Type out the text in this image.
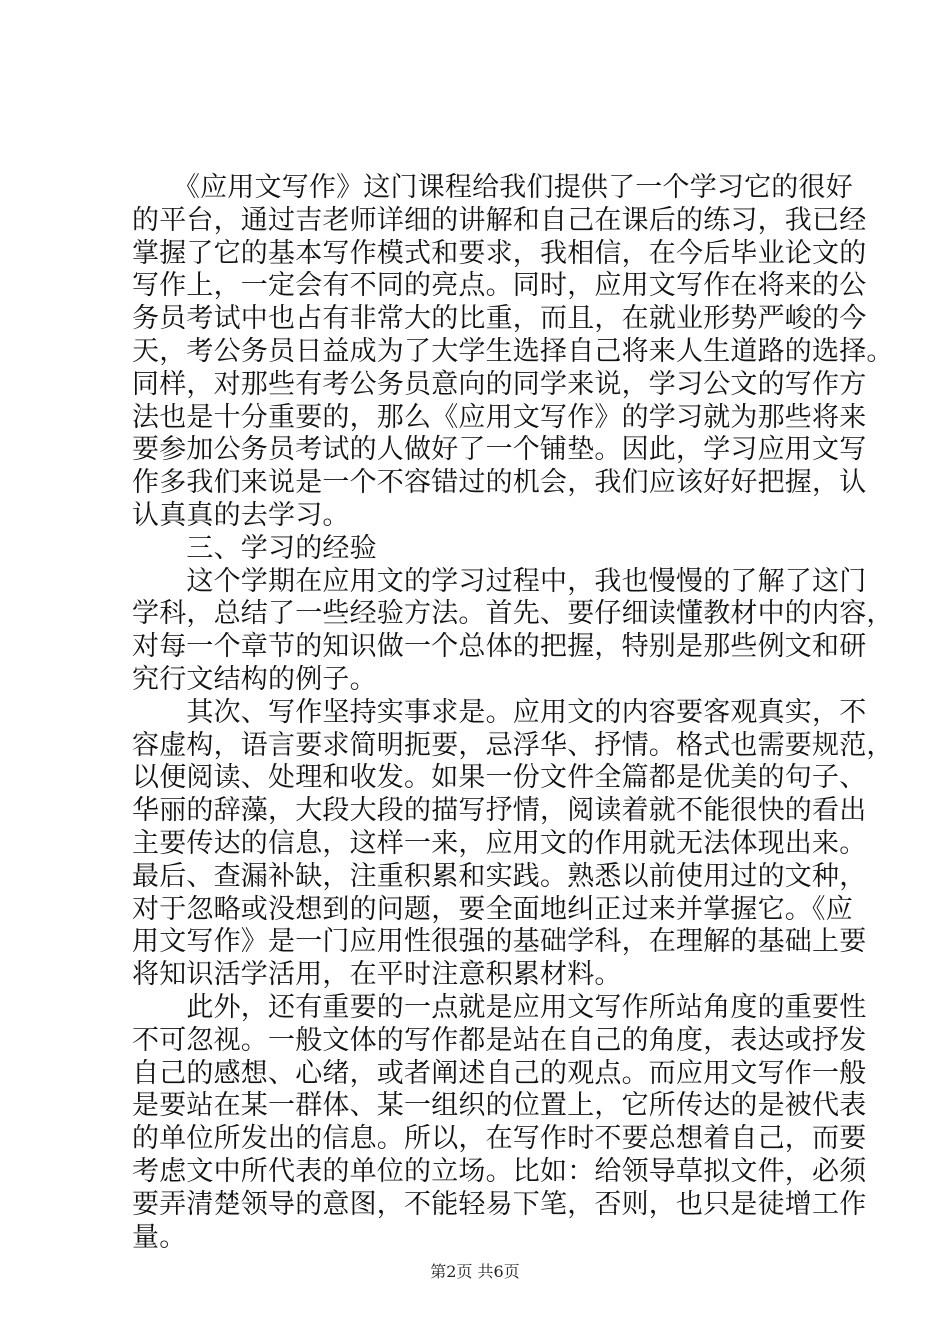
　　《应用文写作》这门课程给我们提供了一个学习它的很好
的平台，通过吉老师详细的讲解和自己在课后的练习，我已经
掌握了它的基本写作模式和要求，我相信，在今后毕业论文的
写作上，一定会有不同的亮点。同时，应用文写作在将来的公
务员考试中也占有非常大的比重，而且，在就业形势严峻的今
天，考公务员日益成为了大学生选择自己将来人生道路的选择。
同样，对那些有考公务员意向的同学来说，学习公文的写作方
法也是十分重要的，那么《应用文写作》的学习就为那些将来
要参加公务员考试的人做好了一个铺垫。因此，学习应用文写
作多我们来说是一个不容错过的机会，我们应该好好把握，认
认真真的去学习。
　　三、学习的经验
　　这个学期在应用文的学习过程中，我也慢慢的了解了这门
学科，总结了一些经验方法。首先、要仔细读懂教材中的内容，
对每一个章节的知识做一个总体的把握，特别是那些例文和研
究行文结构的例子。
　　其次、写作坚持实事求是。应用文的内容要客观真实，不
容虚构，语言要求简明扼要，忌浮华、抒情。格式也需要规范，
以便阅读、处理和收发。如果一份文件全篇都是优美的句子、
华丽的辞藻，大段大段的描写抒情，阅读着就不能很快的看出
主要传达的信息，这样一来，应用文的作用就无法体现出来。
最后、查漏补缺，注重积累和实践。熟悉以前使用过的文种，
对于忽略或没想到的问题，要全面地纠正过来并掌握它。《应
用文写作》是一门应用性很强的基础学科，在理解的基础上要
将知识活学活用，在平时注意积累材料。
　　此外，还有重要的一点就是应用文写作所站角度的重要性
不可忽视。一般文体的写作都是站在自己的角度，表达或抒发
自己的感想、心绪，或者阐述自己的观点。而应用文写作一般
是要站在某一群体、某一组织的位置上，它所传达的是被代表
的单位所发出的信息。所以，在写作时不要总想着自己，而要
考虑文中所代表的单位的立场。比如：给领导草拟文件，必须
要弄清楚领导的意图，不能轻易下笔，否则，也只是徒增工作
量。
第2页 共6页
